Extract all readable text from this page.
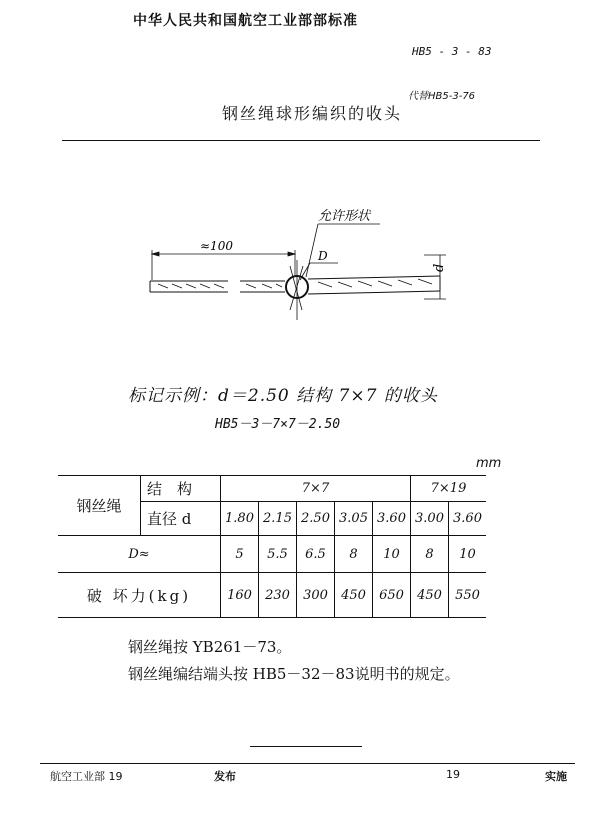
中华人民共和国航空工业部部标准
HB5 - 3 - 83
代替HB5-3-76
钢丝绳球形编织的收头
≈100
允许形状
D
d
标记示例：d＝2.50 结构 7×7 的收头
HB5－3－7×7－2.50
mm
钢丝绳	结　构	7×7					7×19	
	直径 d	1.80	2.15	2.50	3.05	3.60	3.00	3.60
D≈		5	5.5	6.5	8	10	8	10
破 坏力(kg)		160	230	300	450	650	450	550
钢丝绳按 YB261－73。
钢丝绳编结端头按 HB5－32－83说明书的规定。
航空工业部 19	发布	19	实施
